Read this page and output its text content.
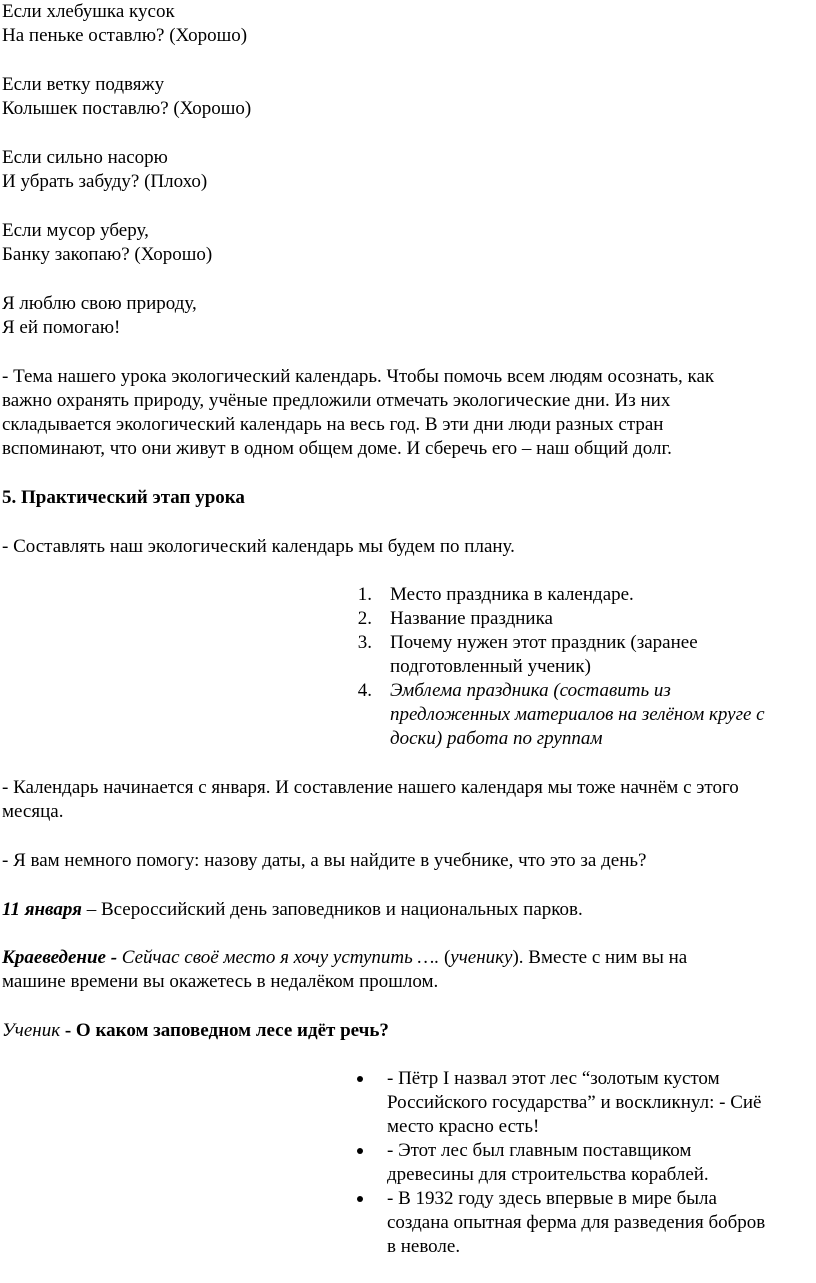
Если хлебушка кусок
На пеньке оставлю? (Хорошо)
Если ветку подвяжу
Колышек поставлю? (Хорошо)
Если сильно насорю
И убрать забуду? (Плохо)
Если мусор уберу,
Банку закопаю? (Хорошо)
Я люблю свою природу,
Я ей помогаю!
- Тема нашего урока экологический календарь. Чтобы помочь всем людям осознать, как
важно охранять природу, учёные предложили отмечать экологические дни. Из них
складывается экологический календарь на весь год. В эти дни люди разных стран
вспоминают, что они живут в одном общем доме. И сберечь его – наш общий долг.
5. Практический этап урока
- Составлять наш экологический календарь мы будем по плану.
1. Место праздника в календаре.
2. Название праздника
3. Почему нужен этот праздник (заранее
подготовленный ученик)
4. Эмблема праздника (составить из
предложенных материалов на зелёном круге с
доски) работа по группам
- Календарь начинается с января. И составление нашего календаря мы тоже начнём с этого
месяца.
- Я вам немного помогу: назову даты, а вы найдите в учебнике, что это за день?
11 января – Всероссийский день заповедников и национальных парков.
Краеведение - Сейчас своё место я хочу уступить …. (ученику). Вместе с ним вы на
машине времени вы окажетесь в недалёком прошлом.
Ученик - О каком заповедном лесе идёт речь?
- Пётр I назвал этот лес “золотым кустом
Российского государства” и воскликнул: - Сиё
место красно есть!
- Этот лес был главным поставщиком
древесины для строительства кораблей.
- В 1932 году здесь впервые в мире была
создана опытная ферма для разведения бобров
в неволе.
